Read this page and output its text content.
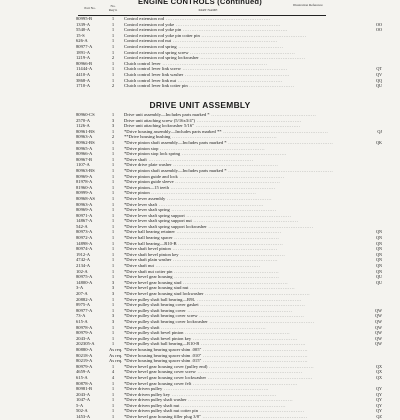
ENGINE CONTROLS (Continued)
Part No.	No. Req'd.	PART NAME
Illustration Reference
80995-B	1	Control extension rod ............................................................
1339-A	1	Control extension rod yoke ............................................................	OO
5540-A	1	Control extension rod yoke pin ............................................................	OO
15-S	1	Control extension rod yoke pin cotter pin ............................................................
626-A	1	Control extension rod nut ............................................................
80977-A	1	Control extension rod spring ............................................................
1891-A	1	Control extension rod spring screw ............................................................
1219-A	2	Control extension rod spring lockwasher ............................................................
80966-B	1	Clutch control lever ............................................................
11444-A	1	Clutch control lever link screw ............................................................	QT
4410-A	1	Clutch control lever link washer ............................................................	QV
3868-A	1	Clutch control lever link nut ............................................................	QQ
1710-A	2	Clutch control lever link cotter pin ............................................................	QU
DRIVE UNIT ASSEMBLY
80960-CS	1	Drive unit assembly—Includes parts marked * ............................................................
2570-A	3	Drive unit attaching screw (5/16x3/4") ............................................................
1126-A	3	Drive unit attaching lockwasher 5/16" ............................................................
80961-BS	1	*Drive housing assembly—Includes parts marked ** ............................................................	QJ
80963-A	2	**Drive housing bushing ............................................................
80962-BS	1	*Drive pinion shaft assembly—Includes parts marked * ............................................................	QK
80965-A	1	*Drive pinion stop ............................................................
80966-A	1	*Drive pinion stop lock spring ............................................................
80967-B	1	*Drive shaft ............................................................
1107-A	1	*Drive drive plate washer ............................................................
80963-BS	1	*Drive pinion shaft assembly—Includes parts marked * ............................................................
80969-A	1	*Drive pinion guide and lock ............................................................
81978-A	1	*Drive pinion guide sleeve ............................................................
81960-A	1	*Drive pinion—15 teeth ............................................................
80999-A	1	*Drive pinion ............................................................
80968-AS	1	*Drive lever assembly ............................................................
80963-A	1	*Drive lever shaft ............................................................
80969-A	1	*Drive lever shaft spring ............................................................
80971-A	1	*Drive lever shaft spring support ............................................................
14867-A	1	*Drive lever shaft spring support nut ............................................................
542-A	1	*Drive lever shaft spring support lockwasher ............................................................
80973-A	1	*Drive ball bearing retainer ............................................................	QN
80972-A	1	*Drive ball bearing spacer ............................................................	QN
14898-A	1	*Drive ball bearing—R10-B ............................................................	QN
80974-A	1	*Drive shaft bevel pinion ............................................................	QN
1912-A	1	*Drive shaft bevel pinion key ............................................................	QN
4742-A	1	*Drive shaft plain washer ............................................................	QN
2134-A	1	*Drive shaft nut ............................................................	QN
102-A	1	*Drive shaft nut cotter pin ............................................................	QN
80975-A	1	*Drive bevel gear housing ............................................................	QU
14800-A	3	*Drive bevel gear housing stud ............................................................	QU
3-A	3	*Drive bevel gear housing stud nut ............................................................
207-A	3	*Drive bevel gear housing stud lockwasher ............................................................
20882-A	1	*Drive pulley shaft ball bearing—R9L ............................................................
8975-A	1	*Drive pulley shaft bearing cover gasket ............................................................
80977-A	1	*Drive pulley shaft bearing cover ............................................................	QW
73-A	3	*Drive pulley shaft bearing cover screw ............................................................	QW
615-A	3	*Drive pulley shaft bearing cover lockwasher ............................................................	QW
80978-A	1	*Drive pulley shaft ............................................................	QW
80979-A	1	*Drive pulley shaft bevel pinion ............................................................	QW
2043-A	1	*Drive pulley shaft bevel pinion key ............................................................	QW
202305-A	1	*Drive pulley shaft ball bearing—R10-B ............................................................	QW
80880-A	As req. *Drive housing bearing spacer shim .005" ............................................................
80218-A	As req. *Drive housing bearing spacer shim .010" ............................................................
80219-A	As req. *Drive housing bearing spacer shim .015" ............................................................
80979-A	1	*Drive bevel gear housing cover (pulley end) ............................................................	QX
4659-A	4	*Drive bevel gear housing cover screw ............................................................	QX
615-A	4	*Drive bevel gear housing cover lockwasher ............................................................	QX
80878-A	1	*Drive bevel gear housing cover felt ............................................................
80981-B	1	*Drive driven pulley ............................................................	QY
2043-A	1	*Drive driven pulley key ............................................................	QY
1047-A	1	*Drive driven pulley shaft washer ............................................................	QY
5-A	1	*Drive driven pulley shaft nut ............................................................	QY
502-A	1	*Drive driven pulley shaft nut cotter pin ............................................................	QY
1453-A	1	*Drive bevel gear housing filler plug 3/8" ............................................................	QZ
